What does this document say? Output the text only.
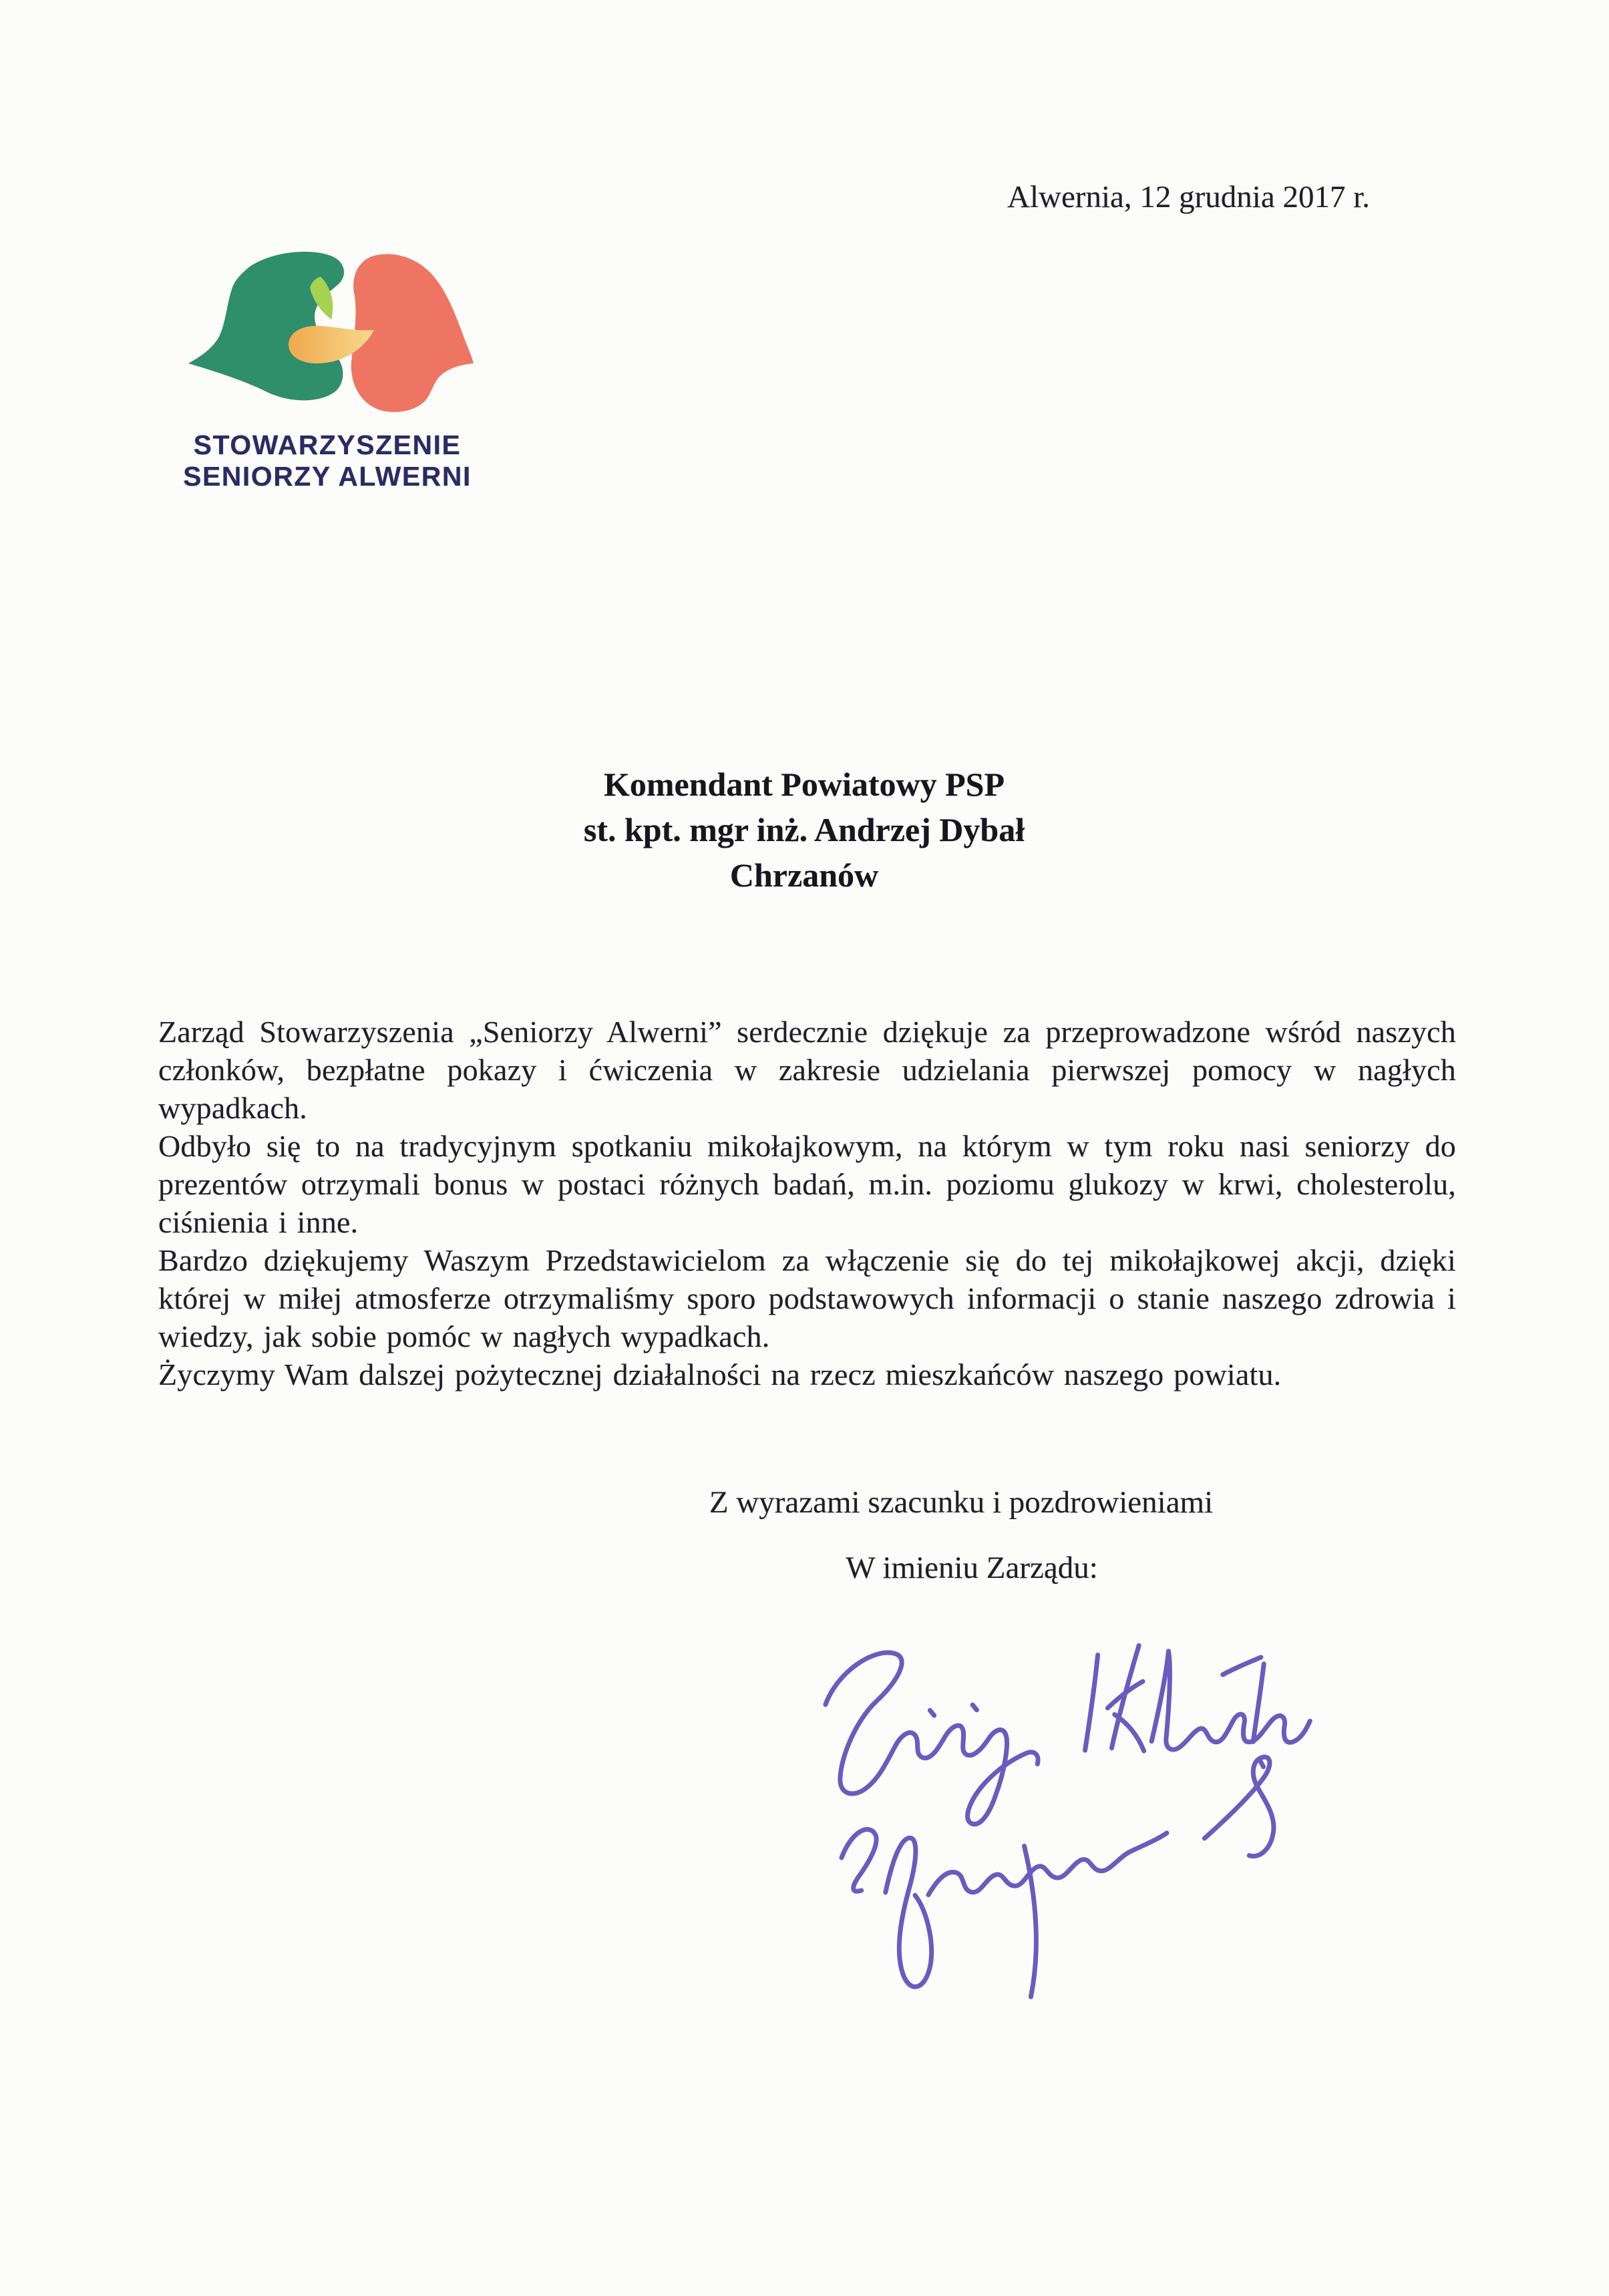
Alwernia, 12 grudnia 2017 r.
STOWARZYSZENIE
SENIORZY ALWERNI
Komendant Powiatowy PSP
st. kpt. mgr inż. Andrzej Dybał
Chrzanów

Zarząd Stowarzyszenia „Seniorzy Alwerni” serdecznie dziękuje za przeprowadzone wśród naszych członków, bezpłatne pokazy i ćwiczenia w zakresie udzielania pierwszej pomocy w nagłych wypadkach.

Odbyło się to na tradycyjnym spotkaniu mikołajkowym, na którym w tym roku nasi seniorzy do prezentów otrzymali bonus w postaci różnych badań, m.in. poziomu glukozy w krwi, cholesterolu, ciśnienia i inne.

Bardzo dziękujemy Waszym Przedstawicielom za włączenie się do tej mikołajkowej akcji, dzięki której w miłej atmosferze otrzymaliśmy sporo podstawowych informacji o stanie naszego zdrowia i wiedzy, jak sobie pomóc w nagłych wypadkach.

Życzymy Wam dalszej pożytecznej działalności na rzecz mieszkańców naszego powiatu.

Z wyrazami szacunku i pozdrowieniami
W imieniu Zarządu:
